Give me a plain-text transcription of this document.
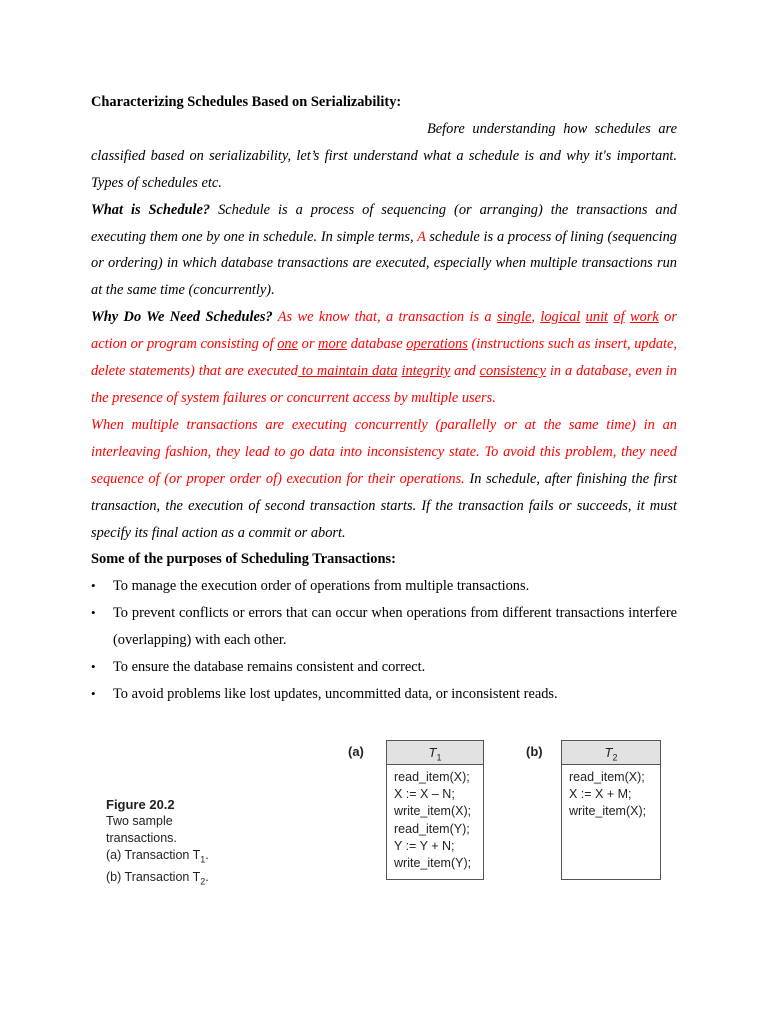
Characterizing Schedules Based on Serializability:

Before understanding how schedules are classified based on serializability, let’s first understand what a schedule is and why it's important. Types of schedules etc.

What is Schedule? Schedule is a process of sequencing (or arranging) the transactions and executing them one by one in schedule. In simple terms, A schedule is a process of lining (sequencing or ordering) in which database transactions are executed, especially when multiple transactions run at the same time (concurrently).

Why Do We Need Schedules? As we know that, a transaction is a single, logical unit of work or action or program consisting of one or more database operations (instructions such as insert, update, delete statements) that are executed to maintain data integrity and consistency in a database, even in the presence of system failures or concurrent access by multiple users.

When multiple transactions are executing concurrently (parallelly or at the same time) in an interleaving fashion, they lead to go data into inconsistency state. To avoid this problem, they need sequence of (or proper order of) execution for their operations. In schedule, after finishing the first transaction, the execution of second transaction starts. If the transaction fails or succeeds, it must specify its final action as a commit or abort.

Some of the purposes of Scheduling Transactions:

• To manage the execution order of operations from multiple transactions.
• To prevent conflicts or errors that can occur when operations from different transactions interfere (overlapping) with each other.
• To ensure the database remains consistent and correct.
• To avoid problems like lost updates, uncommitted data, or inconsistent reads.
Figure 20.2
Two sample
transactions.
(a) Transaction $T_1$.
(b) Transaction $T_2$.
(a)	$T_1$
read_item(X);
X := X – N;
write_item(X);
read_item(Y);
Y := Y + N;
write_item(Y);
(b)	$T_2$
read_item(X);
X := X + M;
write_item(X);
